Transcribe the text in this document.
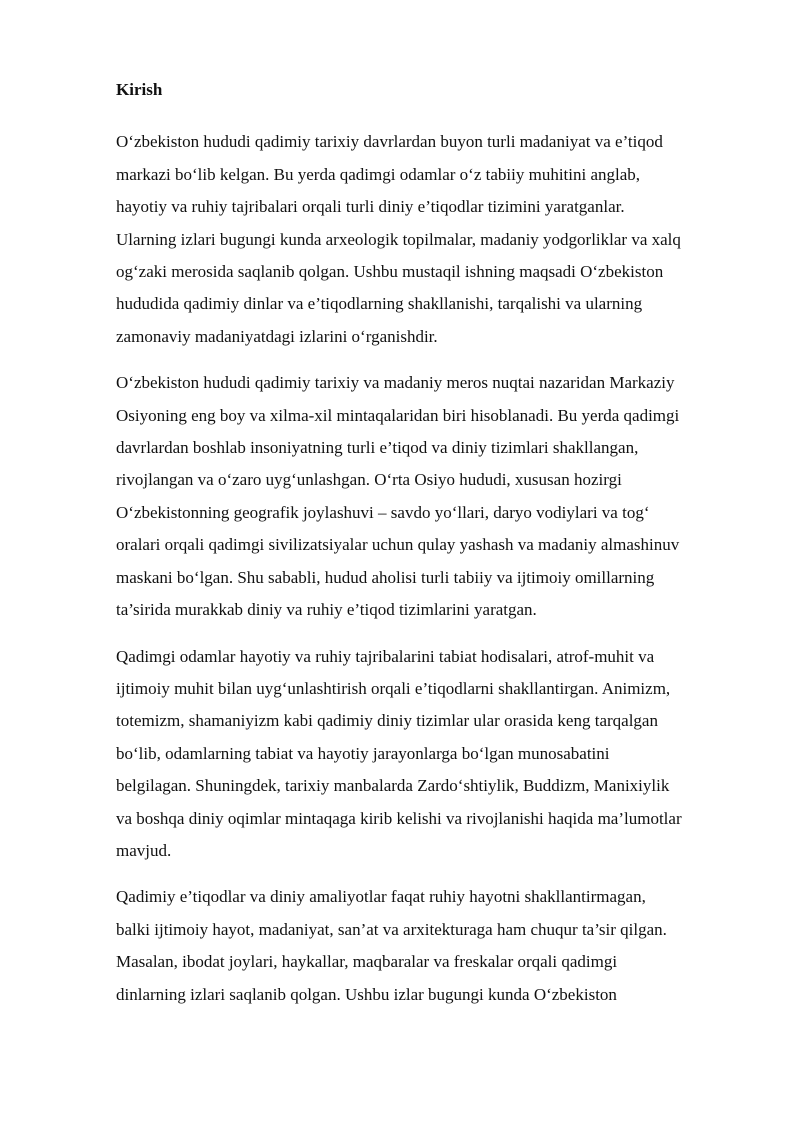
Kirish
O‘zbekiston hududi qadimiy tarixiy davrlardan buyon turli madaniyat va e’tiqod
markazi bo‘lib kelgan. Bu yerda qadimgi odamlar o‘z tabiiy muhitini anglab,
hayotiy va ruhiy tajribalari orqali turli diniy e’tiqodlar tizimini yaratganlar.
Ularning izlari bugungi kunda arxeologik topilmalar, madaniy yodgorliklar va xalq
og‘zaki merosida saqlanib qolgan. Ushbu mustaqil ishning maqsadi O‘zbekiston
hududida qadimiy dinlar va e’tiqodlarning shakllanishi, tarqalishi va ularning
zamonaviy madaniyatdagi izlarini o‘rganishdir.
O‘zbekiston hududi qadimiy tarixiy va madaniy meros nuqtai nazaridan Markaziy
Osiyoning eng boy va xilma-xil mintaqalaridan biri hisoblanadi. Bu yerda qadimgi
davrlardan boshlab insoniyatning turli e’tiqod va diniy tizimlari shakllangan,
rivojlangan va o‘zaro uyg‘unlashgan. O‘rta Osiyo hududi, xususan hozirgi
O‘zbekistonning geografik joylashuvi – savdo yo‘llari, daryo vodiylari va tog‘
oralari orqali qadimgi sivilizatsiyalar uchun qulay yashash va madaniy almashinuv
maskani bo‘lgan. Shu sababli, hudud aholisi turli tabiiy va ijtimoiy omillarning
ta’sirida murakkab diniy va ruhiy e’tiqod tizimlarini yaratgan.
Qadimgi odamlar hayotiy va ruhiy tajribalarini tabiat hodisalari, atrof-muhit va
ijtimoiy muhit bilan uyg‘unlashtirish orqali e’tiqodlarni shakllantirgan. Animizm,
totemizm, shamaniyizm kabi qadimiy diniy tizimlar ular orasida keng tarqalgan
bo‘lib, odamlarning tabiat va hayotiy jarayonlarga bo‘lgan munosabatini
belgilagan. Shuningdek, tarixiy manbalarda Zardo‘shtiylik, Buddizm, Manixiylik
va boshqa diniy oqimlar mintaqaga kirib kelishi va rivojlanishi haqida ma’lumotlar
mavjud.
Qadimiy e’tiqodlar va diniy amaliyotlar faqat ruhiy hayotni shakllantirmagan,
balki ijtimoiy hayot, madaniyat, san’at va arxitekturaga ham chuqur ta’sir qilgan.
Masalan, ibodat joylari, haykallar, maqbaralar va freskalar orqali qadimgi
dinlarning izlari saqlanib qolgan. Ushbu izlar bugungi kunda O‘zbekiston
